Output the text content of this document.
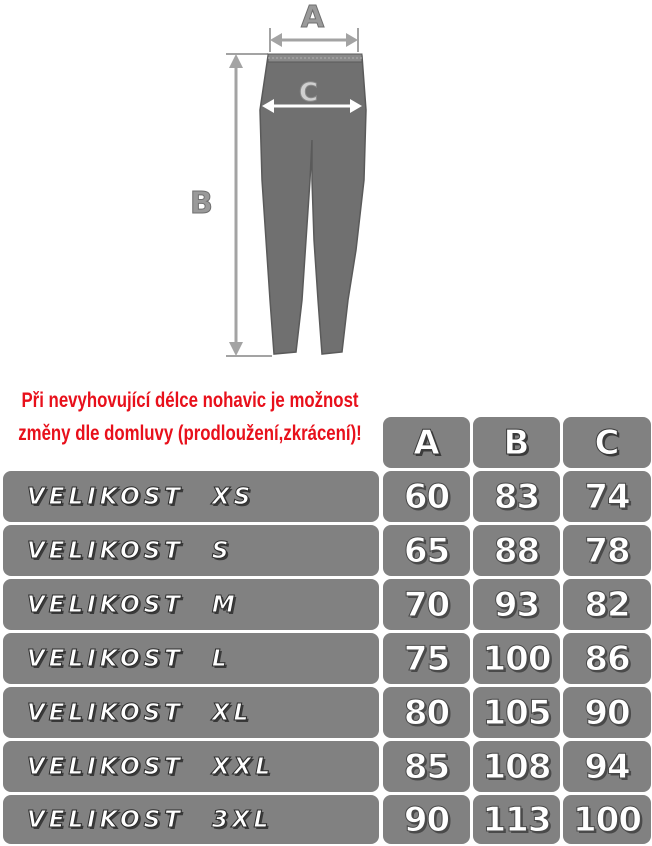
A
B
C
Při nevyhovující délce nohavic je možnost
změny dle domluvy (prodloužení,zkrácení)!	A	B	C
VELIKOST XS	60	83	74
VELIKOST S	65	88	78
VELIKOST M	70	93	82
VELIKOST L	75 100 86
VELIKOST XL	80 105 90
VELIKOST XXL	85 108 94
VELIKOST 3XL	90 113 100
